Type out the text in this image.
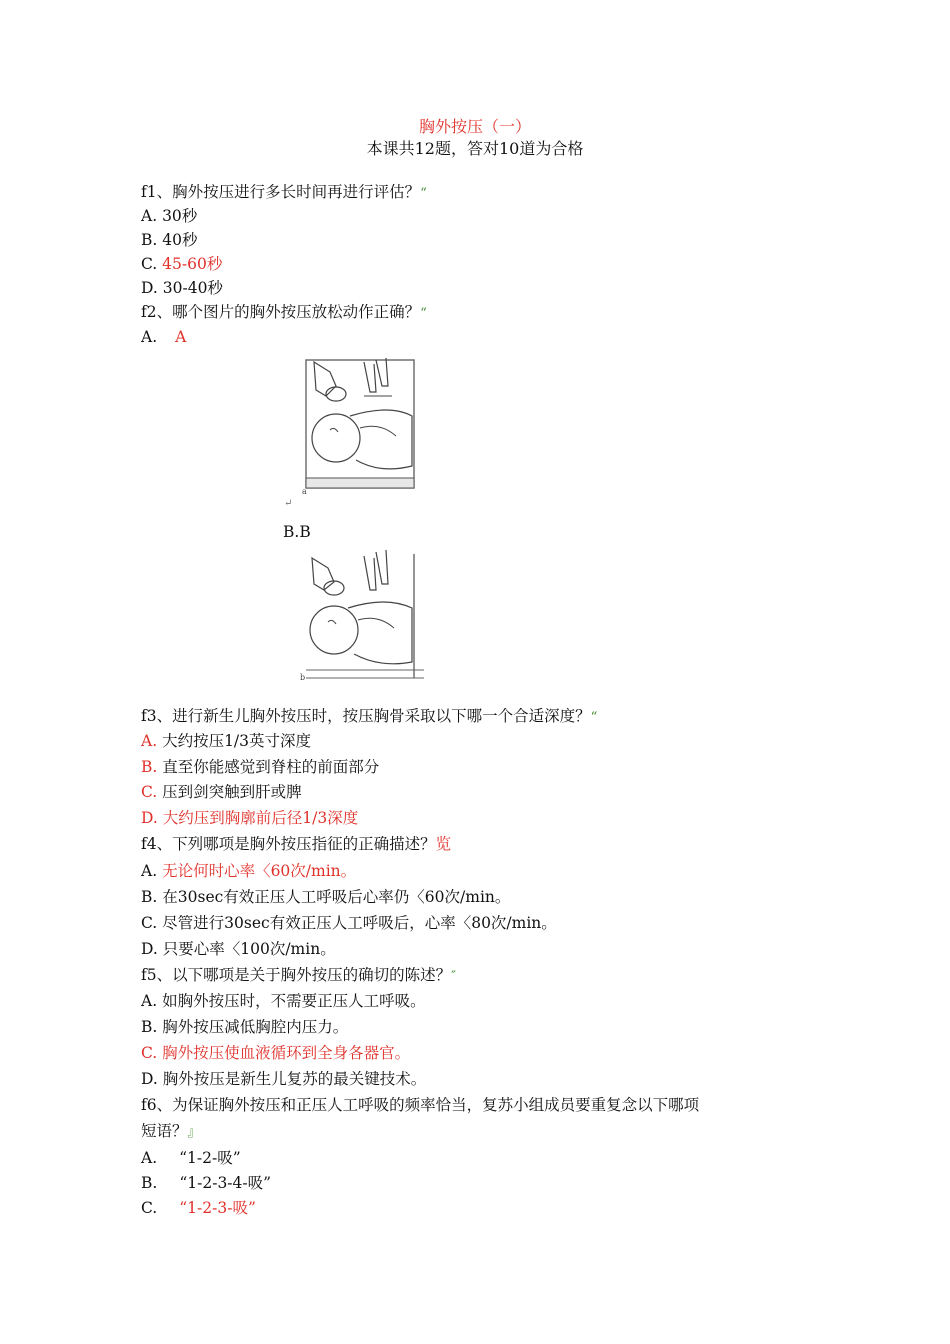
胸外按压（一）
本课共12题，答对10道为合格
f1、胸外按压进行多长时间再进行评估？“
A. 30秒
B. 40秒
C. 45-60秒
D. 30-40秒
f2、哪个图片的胸外按压放松动作正确？“
A. A
a
↵
B.B
b
f3、进行新生儿胸外按压时，按压胸骨采取以下哪一个合适深度？“
A. 大约按压1/3英寸深度
B. 直至你能感觉到脊柱的前面部分
C. 压到剑突触到肝或脾
D. 大约压到胸廓前后径1/3深度
f4、下列哪项是胸外按压指征的正确描述？览
A. 无论何时心率〈60次/min。
B. 在30sec有效正压人工呼吸后心率仍〈60次/min。
C. 尽管进行30sec有效正压人工呼吸后，心率〈80次/min。
D. 只要心率〈100次/min。
f5、以下哪项是关于胸外按压的确切的陈述？″
A. 如胸外按压时，不需要正压人工呼吸。
B. 胸外按压减低胸腔内压力。
C. 胸外按压使血液循环到全身各器官。
D. 胸外按压是新生儿复苏的最关键技术。
f6、为保证胸外按压和正压人工呼吸的频率恰当，复苏小组成员要重复念以下哪项
短语？』
A. “1-2-吸”
B. “1-2-3-4-吸”
C. “1-2-3-吸”
